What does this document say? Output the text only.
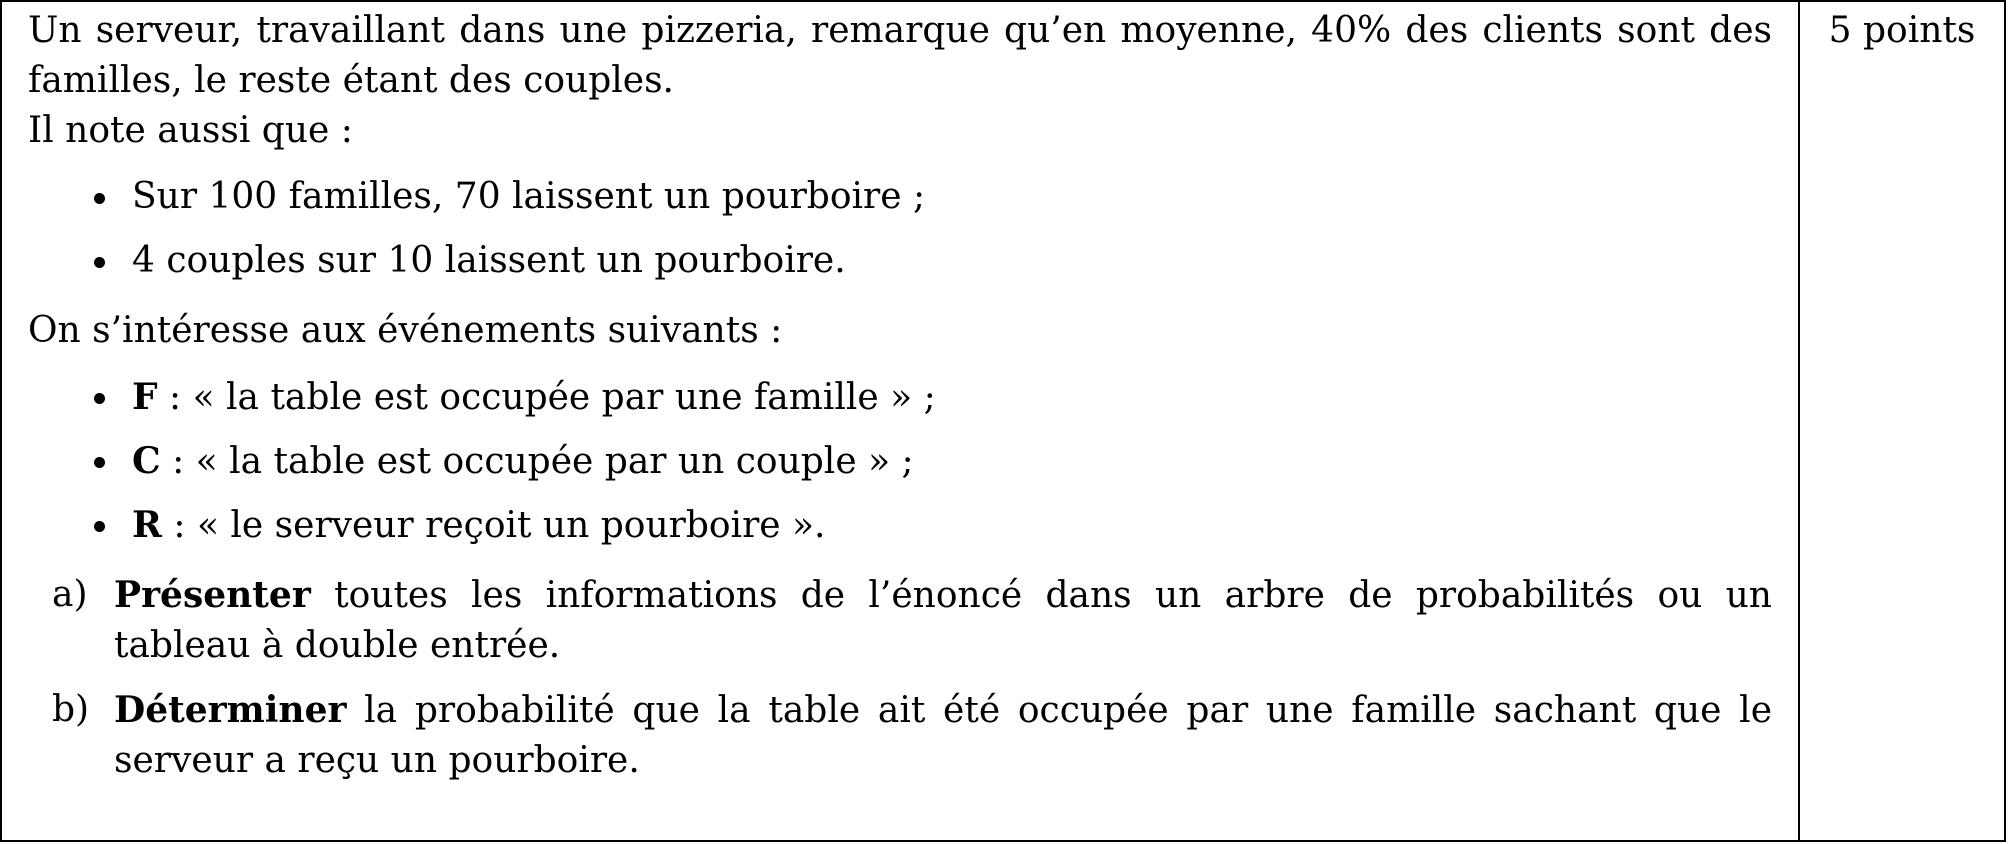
Un serveur, travaillant dans une pizzeria, remarque qu’en moyenne, 40% des clients sont des familles, le reste étant des couples.

Il note aussi que :

Sur 100 familles, 70 laissent un pourboire ;
4 couples sur 10 laissent un pourboire.

On s’intéresse aux événements suivants :

F : « la table est occupée par une famille » ;
C : « la table est occupée par un couple » ;
R : « le serveur reçoit un pourboire ».
a) Présenter toutes les informations de l’énoncé dans un arbre de probabilités ou un tableau à double entrée.
b) Déterminer la probabilité que la table ait été occupée par une famille sachant que le serveur a reçu un pourboire.
5 points
